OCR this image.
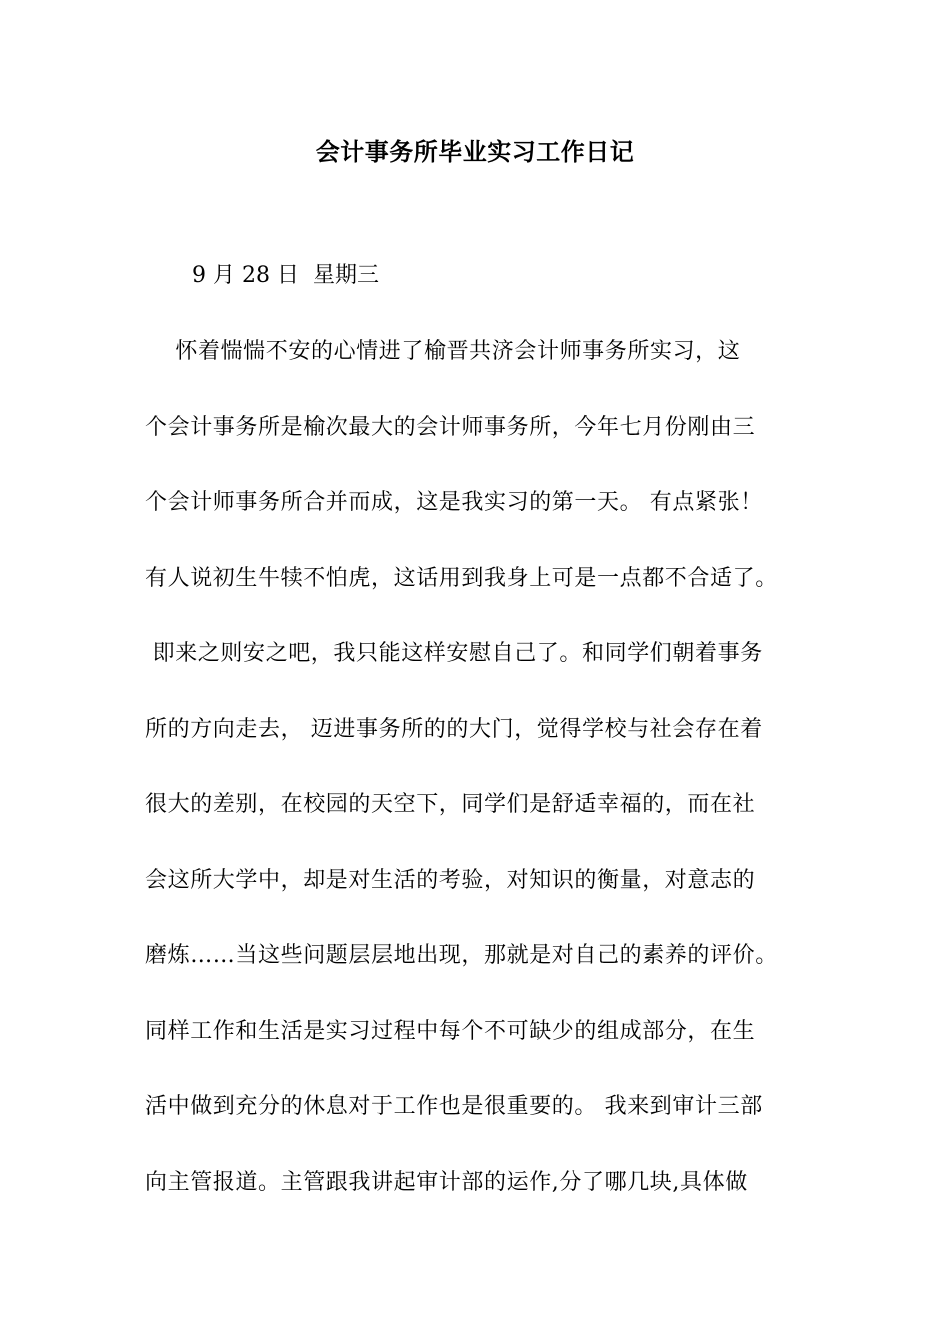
会计事务所毕业实习工作日记
9 月 28 日  星期三
怀着惴惴不安的心情进了榆晋共济会计师事务所实习，这
个会计事务所是榆次最大的会计师事务所，今年七月份刚由三
个会计师事务所合并而成，这是我实习的第一天。 有点紧张！
有人说初生牛犊不怕虎，这话用到我身上可是一点都不合适了。
即来之则安之吧，我只能这样安慰自己了。和同学们朝着事务
所的方向走去， 迈进事务所的的大门，觉得学校与社会存在着
很大的差别，在校园的天空下，同学们是舒适幸福的，而在社
会这所大学中，却是对生活的考验，对知识的衡量，对意志的
磨炼……当这些问题层层地出现，那就是对自己的素养的评价。
同样工作和生活是实习过程中每个不可缺少的组成部分，在生
活中做到充分的休息对于工作也是很重要的。 我来到审计三部
向主管报道。主管跟我讲起审计部的运作,分了哪几块,具体做
